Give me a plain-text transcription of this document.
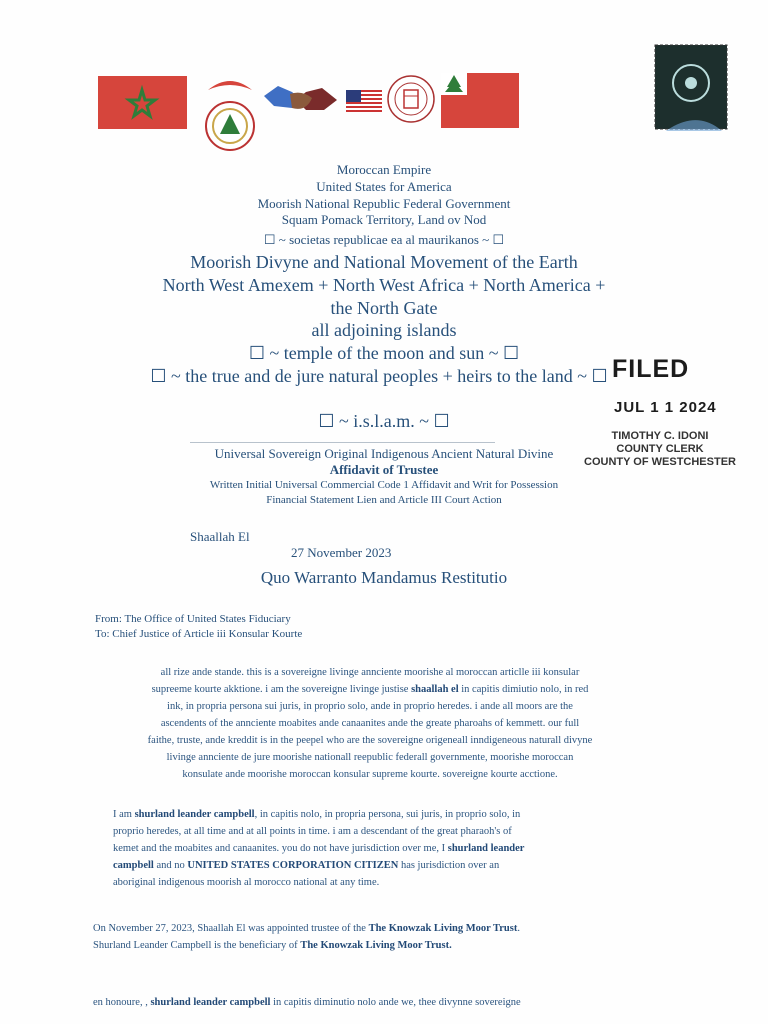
Moroccan Empire
United States for America
Moorish National Republic Federal Government
Squam Pomack Territory, Land ov Nod
☐ ~ societas republicae ea al maurikanos ~ ☐
Moorish Divyne and National Movement of the Earth
North West Amexem + North West Africa + North America +
the North Gate
all adjoining islands
☐ ~ temple of the moon and sun ~ ☐
☐ ~ the true and de jure natural peoples + heirs to the land ~ ☐
☐ ~ i.s.l.a.m. ~ ☐
Universal Sovereign Original Indigenous Ancient Natural Divine
Affidavit of Trustee
Written Initial Universal Commercial Code 1 Affidavit and Writ for Possession
Financial Statement Lien and Article III Court Action
Shaallah El
27 November 2023
Quo Warranto Mandamus Restitutio
From: The Office of United States Fiduciary
To: Chief Justice of Article iii Konsular Kourte
all rize ande stande. this is a sovereigne livinge annciente moorishe al moroccan articlle iii konsular
supreeme kourte akktione. i am the sovereigne livinge justise shaallah el in capitis dimiutio nolo, in red
ink, in propria persona sui juris, in proprio solo, ande in proprio heredes. i ande all moors are the
ascendents of the annciente moabites ande canaanites ande the greate pharoahs of kemmett. our full
faithe, truste, ande kreddit is in the peepel who are the sovereigne origeneall inndigeneous naturall divyne
livinge annciente de jure moorishe nationall reepublic federall governmente, moorishe moroccan
konsulate ande moorishe moroccan konsular supreme kourte. sovereigne kourte acctione.
I am shurland leander campbell, in capitis nolo, in propria persona, sui juris, in proprio solo, in
proprio heredes, at all time and at all points in time. i am a descendant of the great pharaoh's of
kemet and the moabites and canaanites. you do not have jurisdiction over me, I shurland leander
campbell and no UNITED STATES CORPORATION CITIZEN has jurisdiction over an
aboriginal indigenous moorish al morocco national at any time.
On November 27, 2023, Shaallah El was appointed trustee of the The Knowzak Living Moor Trust.
Shurland Leander Campbell is the beneficiary of The Knowzak Living Moor Trust.
en honoure, , shurland leander campbell in capitis diminutio nolo ande we, thee divynne sovereigne
FILED
JUL 1 1 2024
TIMOTHY C. IDONI
COUNTY CLERK
COUNTY OF WESTCHESTER
